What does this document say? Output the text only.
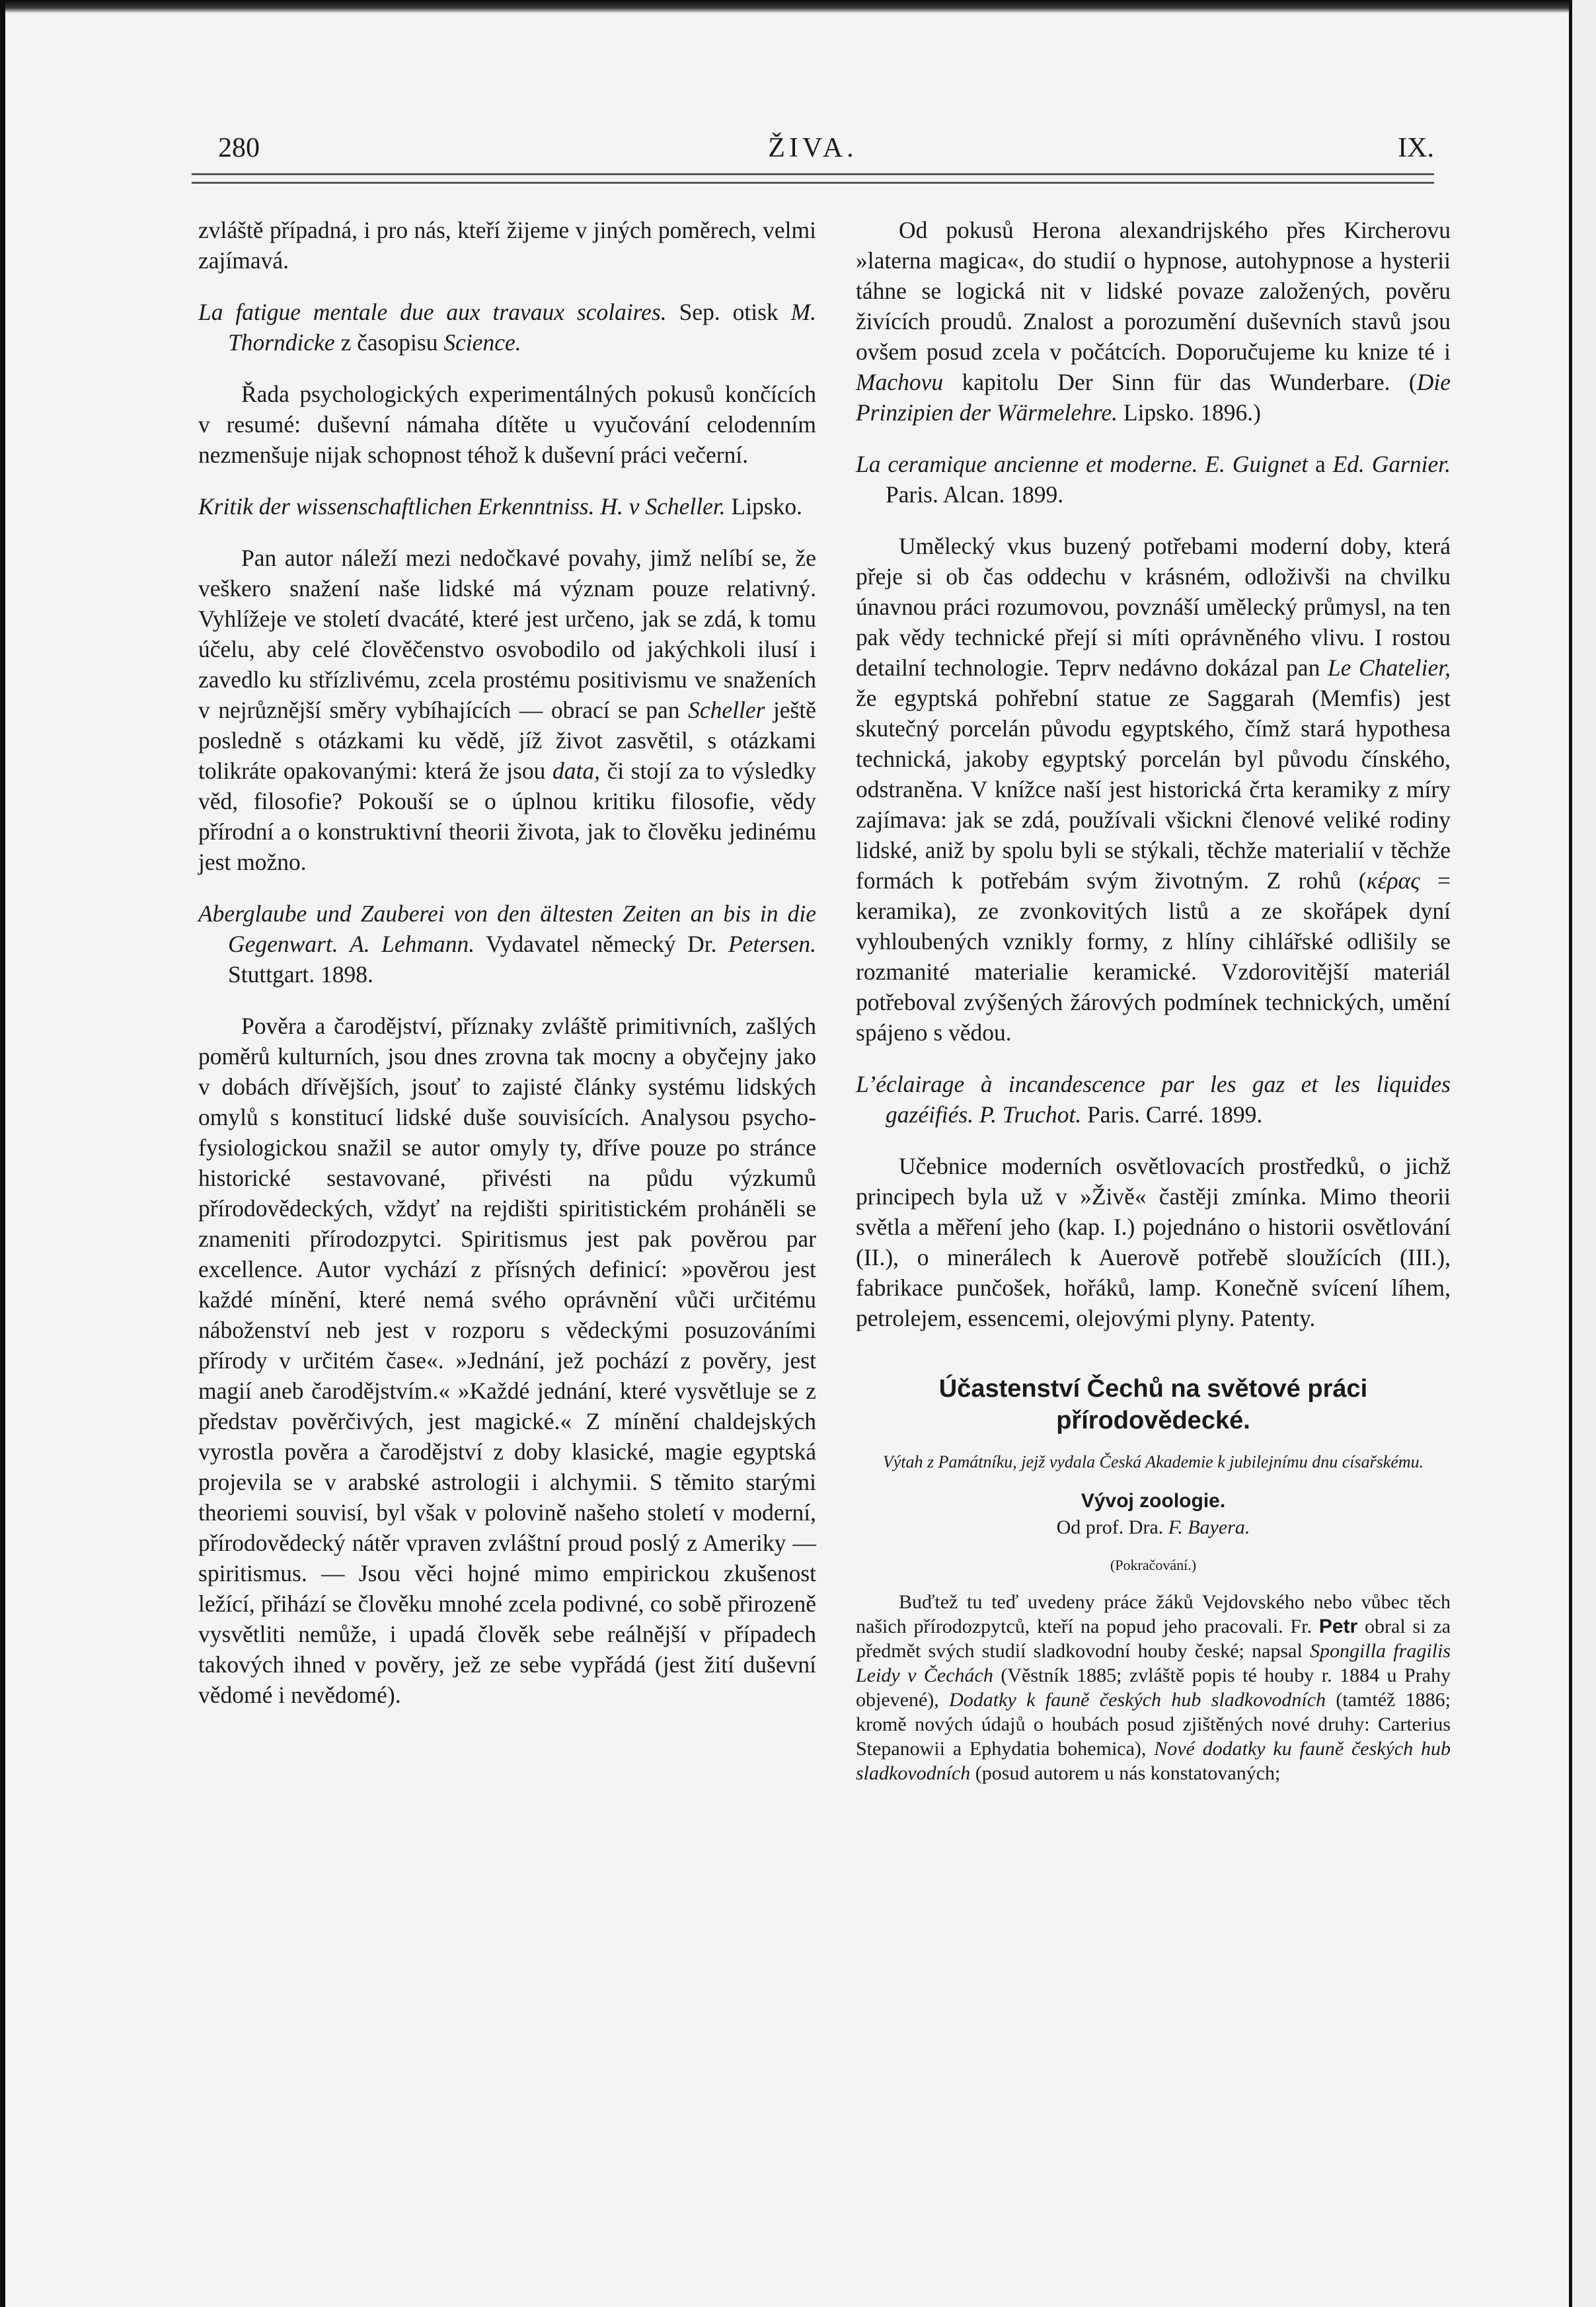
280	ŽIVA.	IX.

zvláště případná, i pro nás, kteří žijeme v jiných poměrech, velmi zajímavá.

La fatigue mentale due aux travaux scolaires. Sep. otisk M. Thorndicke z časopisu Science.

Řada psychologických experimentálných pokusů končících v resumé: duševní námaha dítěte u vyučování celodenním nezmenšuje nijak schopnost téhož k duševní práci večerní.

Kritik der wissenschaftlichen Erkenntniss. H. v Scheller. Lipsko.

Pan autor náleží mezi nedočkavé povahy, jimž nelíbí se, že veškero snažení naše lidské má význam pouze relativný. Vyhlížeje ve století dvacáté, které jest určeno, jak se zdá, k tomu účelu, aby celé člověčenstvo osvobodilo od jakýchkoli ilusí i zavedlo ku střízlivému, zcela prostému positivismu ve snaženích v nejrůznější směry vybíhajících — obrací se pan Scheller ještě posledně s otázkami ku vědě, jíž život zasvětil, s otázkami tolikráte opakovanými: která že jsou data, či stojí za to výsledky věd, filosofie? Pokouší se o úplnou kritiku filosofie, vědy přírodní a o konstruktivní theorii života, jak to člověku jedinému jest možno.

Aberglaube und Zauberei von den ältesten Zeiten an bis in die Gegenwart. A. Lehmann. Vydavatel německý Dr. Petersen. Stuttgart. 1898.

Pověra a čarodějství, příznaky zvláště primitivních, zašlých poměrů kulturních, jsou dnes zrovna tak mocny a obyčejny jako v dobách dřívějších, jsouť to zajisté články systému lidských omylů s konstitucí lidské duše souvisících. Analysou psycho-fysiologickou snažil se autor omyly ty, dříve pouze po stránce historické sestavované, přivésti na půdu výzkumů přírodovědeckých, vždyť na rejdišti spiritistickém proháněli se znameniti přírodozpytci. Spiritismus jest pak pověrou par excellence. Autor vychází z přísných definicí: »pověrou jest každé mínění, které nemá svého oprávnění vůči určitému náboženství neb jest v rozporu s vědeckými posuzováními přírody v určitém čase«. »Jednání, jež pochází z pověry, jest magií aneb čarodějstvím.« »Každé jednání, které vysvětluje se z představ pověrčivých, jest magické.« Z mínění chaldejských vyrostla pověra a čarodějství z doby klasické, magie egyptská projevila se v arabské astrologii i alchymii. S těmito starými theoriemi souvisí, byl však v polovině našeho století v moderní, přírodovědecký nátěr vpraven zvláštní proud poslý z Ameriky — spiritismus. — Jsou věci hojné mimo empirickou zkušenost ležící, přihází se člověku mnohé zcela podivné, co sobě přirozeně vysvětliti nemůže, i upadá člověk sebe reálnější v případech takových ihned v pověry, jež ze sebe vypřádá (jest žití duševní vědomé i nevědomé).

Od pokusů Herona alexandrijského přes Kircherovu »laterna magica«, do studií o hypnose, autohypnose a hysterii táhne se logická nit v lidské povaze založených, pověru živících proudů. Znalost a porozumění duševních stavů jsou ovšem posud zcela v počátcích. Doporučujeme ku knize té i Machovu kapitolu Der Sinn für das Wunderbare. (Die Prinzipien der Wärmelehre. Lipsko. 1896.)

La ceramique ancienne et moderne. E. Guignet a Ed. Garnier. Paris. Alcan. 1899.

Umělecký vkus buzený potřebami moderní doby, která přeje si ob čas oddechu v krásném, odloživši na chvilku únavnou práci rozumovou, povznáší umělecký průmysl, na ten pak vědy technické přejí si míti oprávněného vlivu. I rostou detailní technologie. Teprv nedávno dokázal pan Le Chatelier, že egyptská pohřební statue ze Saggarah (Memfis) jest skutečný porcelán původu egyptského, čímž stará hypothesa technická, jakoby egyptský porcelán byl původu čínského, odstraněna. V knížce naší jest historická črta keramiky z míry zajímava: jak se zdá, používali všickni členové veliké rodiny lidské, aniž by spolu byli se stýkali, těchže materialií v těchže formách k potřebám svým životným. Z rohů (κέρας = keramika), ze zvonkovitých listů a ze skořápek dyní vyhloubených vznikly formy, z hlíny cihlářské odlišily se rozmanité materialie keramické. Vzdorovitější materiál potřeboval zvýšených žárových podmínek technických, umění spájeno s vědou.

L’éclairage à incandescence par les gaz et les liquides gazéifiés. P. Truchot. Paris. Carré. 1899.

Učebnice moderních osvětlovacích prostředků, o jichž principech byla už v »Živě« častěji zmínka. Mimo theorii světla a měření jeho (kap. I.) pojednáno o historii osvětlování (II.), o minerálech k Auerově potřebě sloužících (III.), fabrikace punčošek, hořáků, lamp. Konečně svícení líhem, petrolejem, essencemi, olejovými plyny. Patenty.

Účastenství Čechů na světové práci přírodovědecké.

Výtah z Památníku, jejž vydala Česká Akademie k jubilejnímu dnu císařskému.

Vývoj zoologie.

Od prof. Dra. F. Bayera.

(Pokračování.)

Buďtež tu teď uvedeny práce žáků Vejdovského nebo vůbec těch našich přírodozpytců, kteří na popud jeho pracovali. Fr. Petr obral si za předmět svých studií sladkovodní houby české; napsal Spongilla fragilis Leidy v Čechách (Věstník 1885; zvláště popis té houby r. 1884 u Prahy objevené), Dodatky k fauně českých hub sladkovodních (tamtéž 1886; kromě nových údajů o houbách posud zjištěných nové druhy: Carterius Stepanowii a Ephydatia bohemica), Nové dodatky ku fauně českých hub sladkovodních (posud autorem u nás konstatovaných;
